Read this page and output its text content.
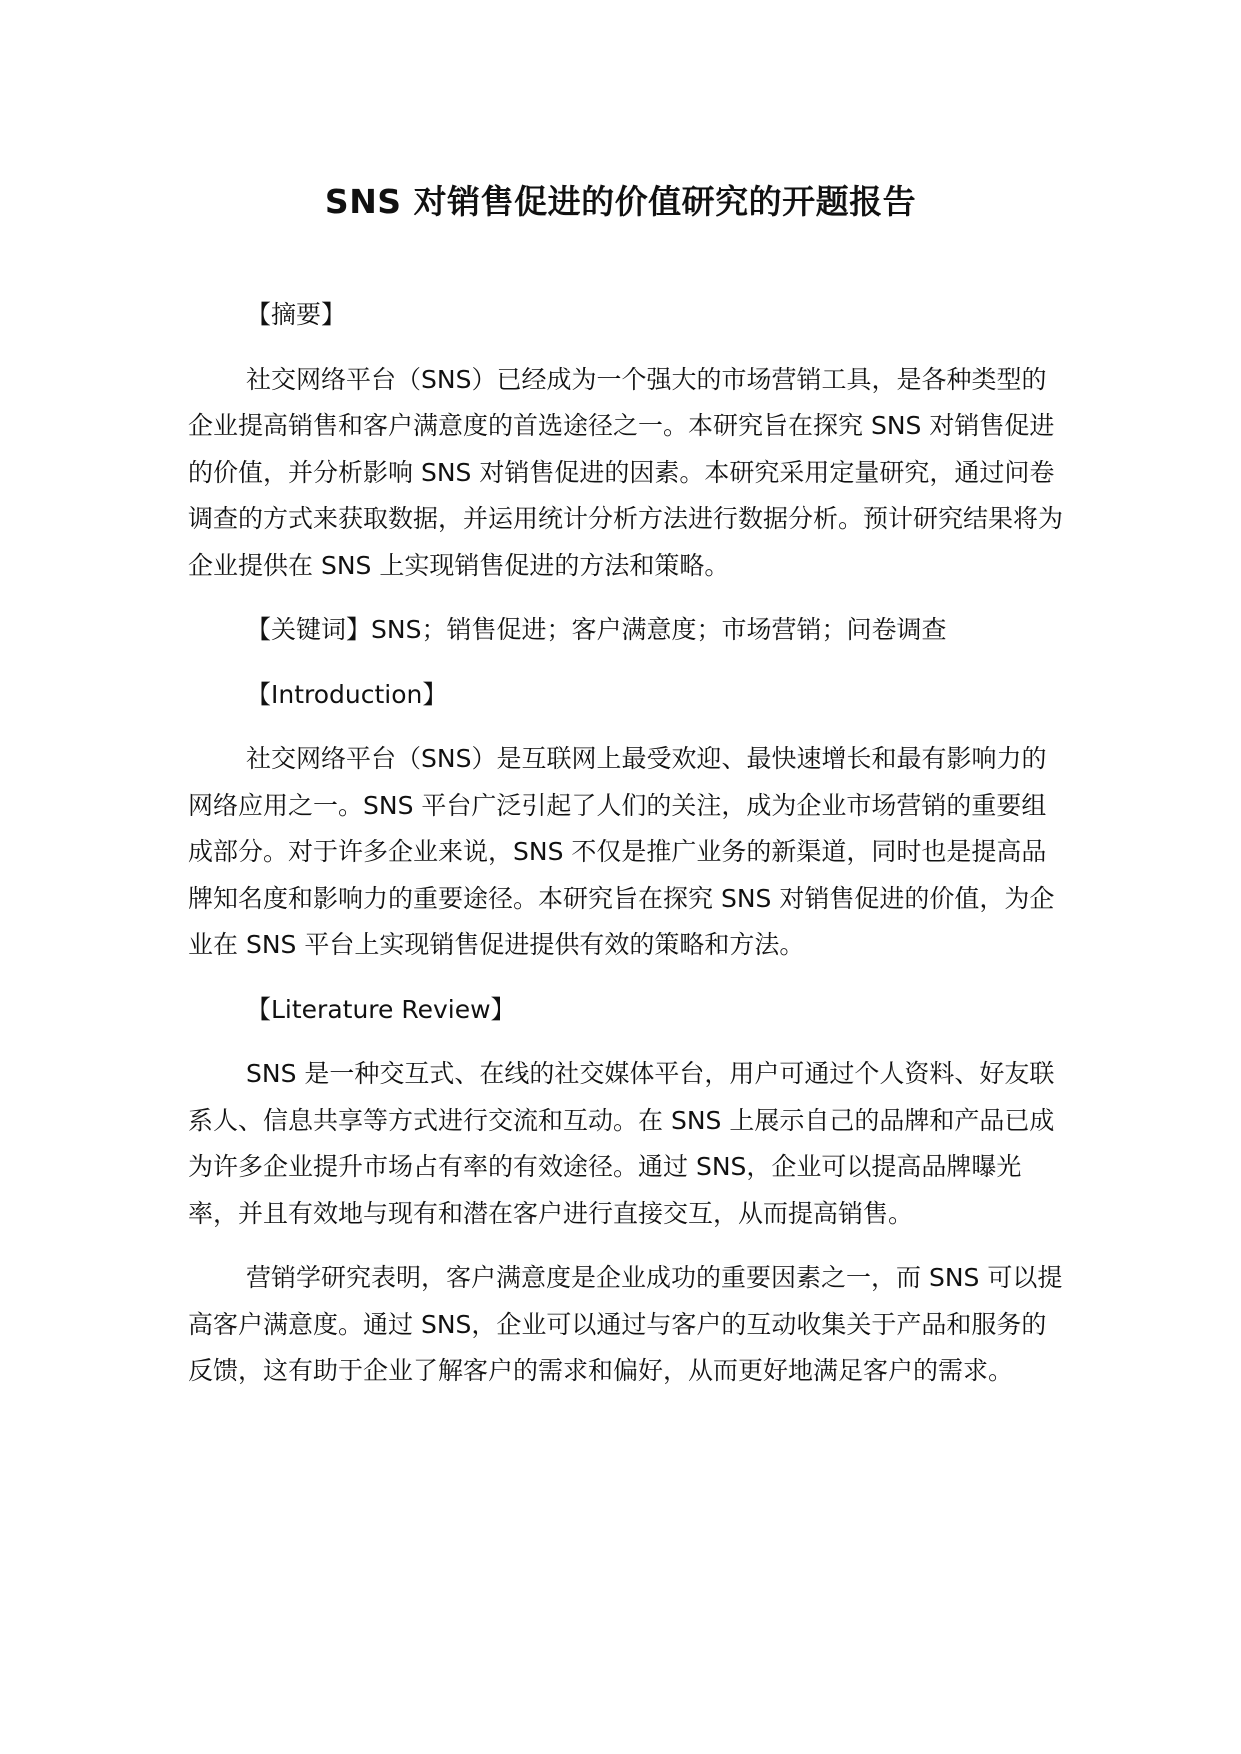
SNS 对销售促进的价值研究的开题报告
【摘要】

社交网络平台（SNS）已经成为一个强大的市场营销工具，是各种类型的企业提高销售和客户满意度的首选途径之一。本研究旨在探究 SNS 对销售促进的价值，并分析影响 SNS 对销售促进的因素。本研究采用定量研究，通过问卷调查的方式来获取数据，并运用统计分析方法进行数据分析。预计研究结果将为企业提供在 SNS 上实现销售促进的方法和策略。

【关键词】SNS；销售促进；客户满意度；市场营销；问卷调查
【Introduction】

社交网络平台（SNS）是互联网上最受欢迎、最快速增长和最有影响力的网络应用之一。SNS 平台广泛引起了人们的关注，成为企业市场营销的重要组成部分。对于许多企业来说，SNS 不仅是推广业务的新渠道，同时也是提高品牌知名度和影响力的重要途径。本研究旨在探究 SNS 对销售促进的价值，为企业在 SNS 平台上实现销售促进提供有效的策略和方法。

【Literature Review】

SNS 是一种交互式、在线的社交媒体平台，用户可通过个人资料、好友联系人、信息共享等方式进行交流和互动。在 SNS 上展示自己的品牌和产品已成为许多企业提升市场占有率的有效途径。通过 SNS，企业可以提高品牌曝光率，并且有效地与现有和潜在客户进行直接交互，从而提高销售。

营销学研究表明，客户满意度是企业成功的重要因素之一，而 SNS 可以提高客户满意度。通过 SNS，企业可以通过与客户的互动收集关于产品和服务的反馈，这有助于企业了解客户的需求和偏好，从而更好地满足客户的需求。
